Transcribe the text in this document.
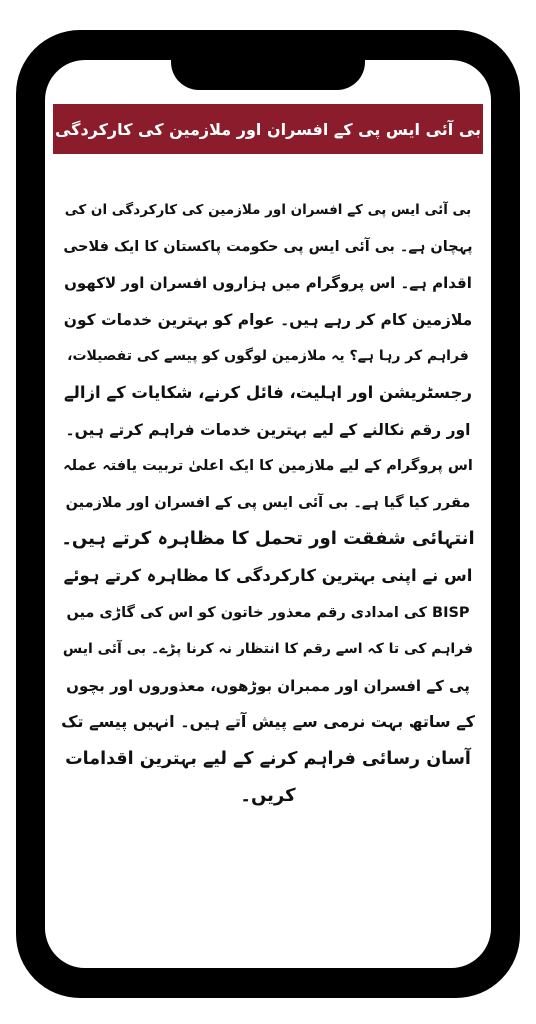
بی آئی ایس پی کے افسران اور ملازمین کی کارکردگی
بی آئی ایس پی کے افسران اور ملازمین کی کارکردگی ان کی
پہچان ہے۔ بی آئی ایس پی حکومت پاکستان کا ایک فلاحی
اقدام ہے۔ اس پروگرام میں ہزاروں افسران اور لاکھوں
ملازمین کام کر رہے ہیں۔ عوام کو بہترین خدمات کون
فراہم کر رہا ہے؟ یہ ملازمین لوگوں کو پیسے کی تفصیلات،
رجسٹریشن اور اہلیت، فائل کرنے، شکایات کے ازالے
اور رقم نکالنے کے لیے بہترین خدمات فراہم کرتے ہیں۔
اس پروگرام کے لیے ملازمین کا ایک اعلیٰ تربیت یافتہ عملہ
مقرر کیا گیا ہے۔ بی آئی ایس پی کے افسران اور ملازمین
انتہائی شفقت اور تحمل کا مظاہرہ کرتے ہیں۔
اس نے اپنی بہترین کارکردگی کا مظاہرہ کرتے ہوئے
BISP کی امدادی رقم معذور خاتون کو اس کی گاڑی میں
فراہم کی تا کہ اسے رقم کا انتظار نہ کرنا پڑے۔ بی آئی ایس
پی کے افسران اور ممبران بوڑھوں، معذوروں اور بچوں
کے ساتھ بہت نرمی سے پیش آتے ہیں۔ انہیں پیسے تک
آسان رسائی فراہم کرنے کے لیے بہترین اقدامات
کریں۔
